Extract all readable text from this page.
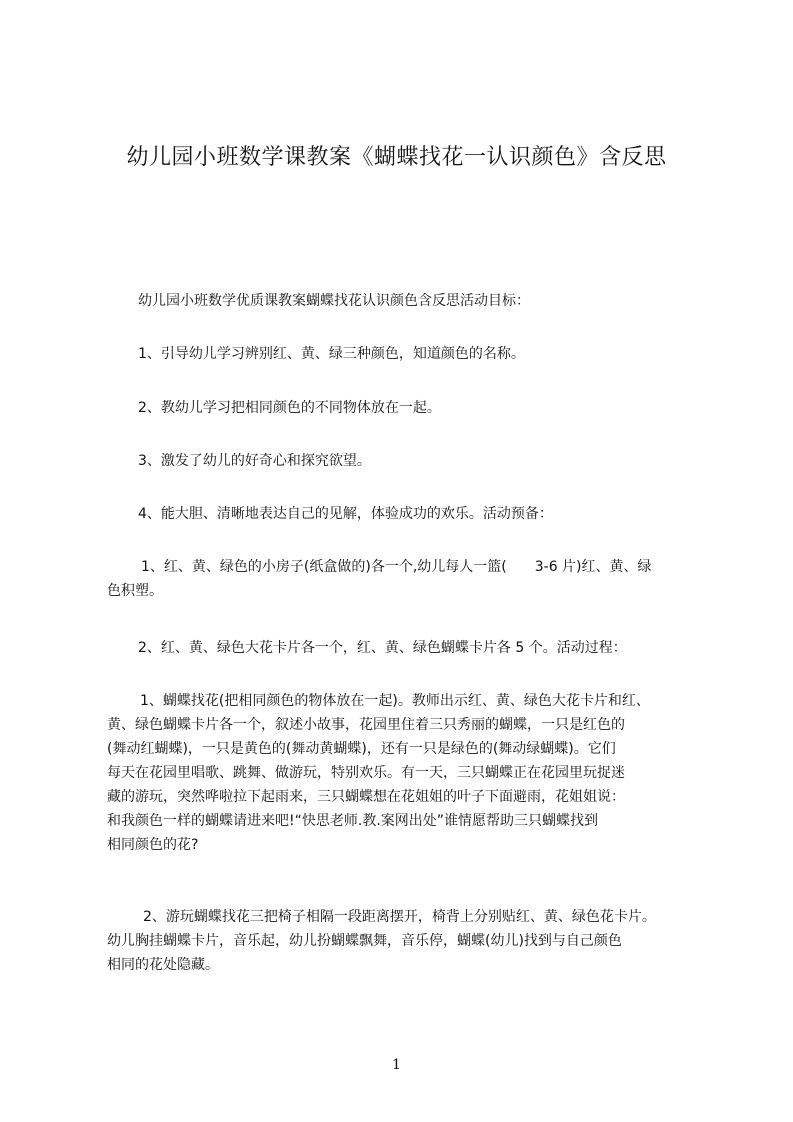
幼儿园小班数学课教案《蝴蝶找花一认识颜色》含反思
幼儿园小班数学优质课教案蝴蝶找花认识颜色含反思活动目标：
1、引导幼儿学习辨别红、黄、绿三种颜色，知道颜色的名称。
2、教幼儿学习把相同颜色的不同物体放在一起。
3、激发了幼儿的好奇心和探究欲望。
4、能大胆、清晰地表达自己的见解，体验成功的欢乐。活动预备：
1、红、黄、绿色的小房子(纸盒做的)各一个,幼儿每人一篮(　　3-6 片)红、黄、绿
色积塑。
2、红、黄、绿色大花卡片各一个，红、黄、绿色蝴蝶卡片各 5 个。活动过程：
1、蝴蝶找花(把相同颜色的物体放在一起)。教师出示红、黄、绿色大花卡片和红、
黄、绿色蝴蝶卡片各一个，叙述小故事，花园里住着三只秀丽的蝴蝶，一只是红色的
(舞动红蝴蝶)，一只是黄色的(舞动黄蝴蝶)，还有一只是绿色的(舞动绿蝴蝶)。它们
每天在花园里唱歌、跳舞、做游玩，特别欢乐。有一天，三只蝴蝶正在花园里玩捉迷
藏的游玩，突然哗啦拉下起雨来，三只蝴蝶想在花姐姐的叶子下面避雨，花姐姐说：
和我颜色一样的蝴蝶请进来吧!“快思老师.教.案网出处”谁情愿帮助三只蝴蝶找到
相同颜色的花?
2、游玩蝴蝶找花三把椅子相隔一段距离摆开，椅背上分别贴红、黄、绿色花卡片。
幼儿胸挂蝴蝶卡片，音乐起，幼儿扮蝴蝶飘舞，音乐停，蝴蝶(幼儿)找到与自己颜色
相同的花处隐藏。
1
